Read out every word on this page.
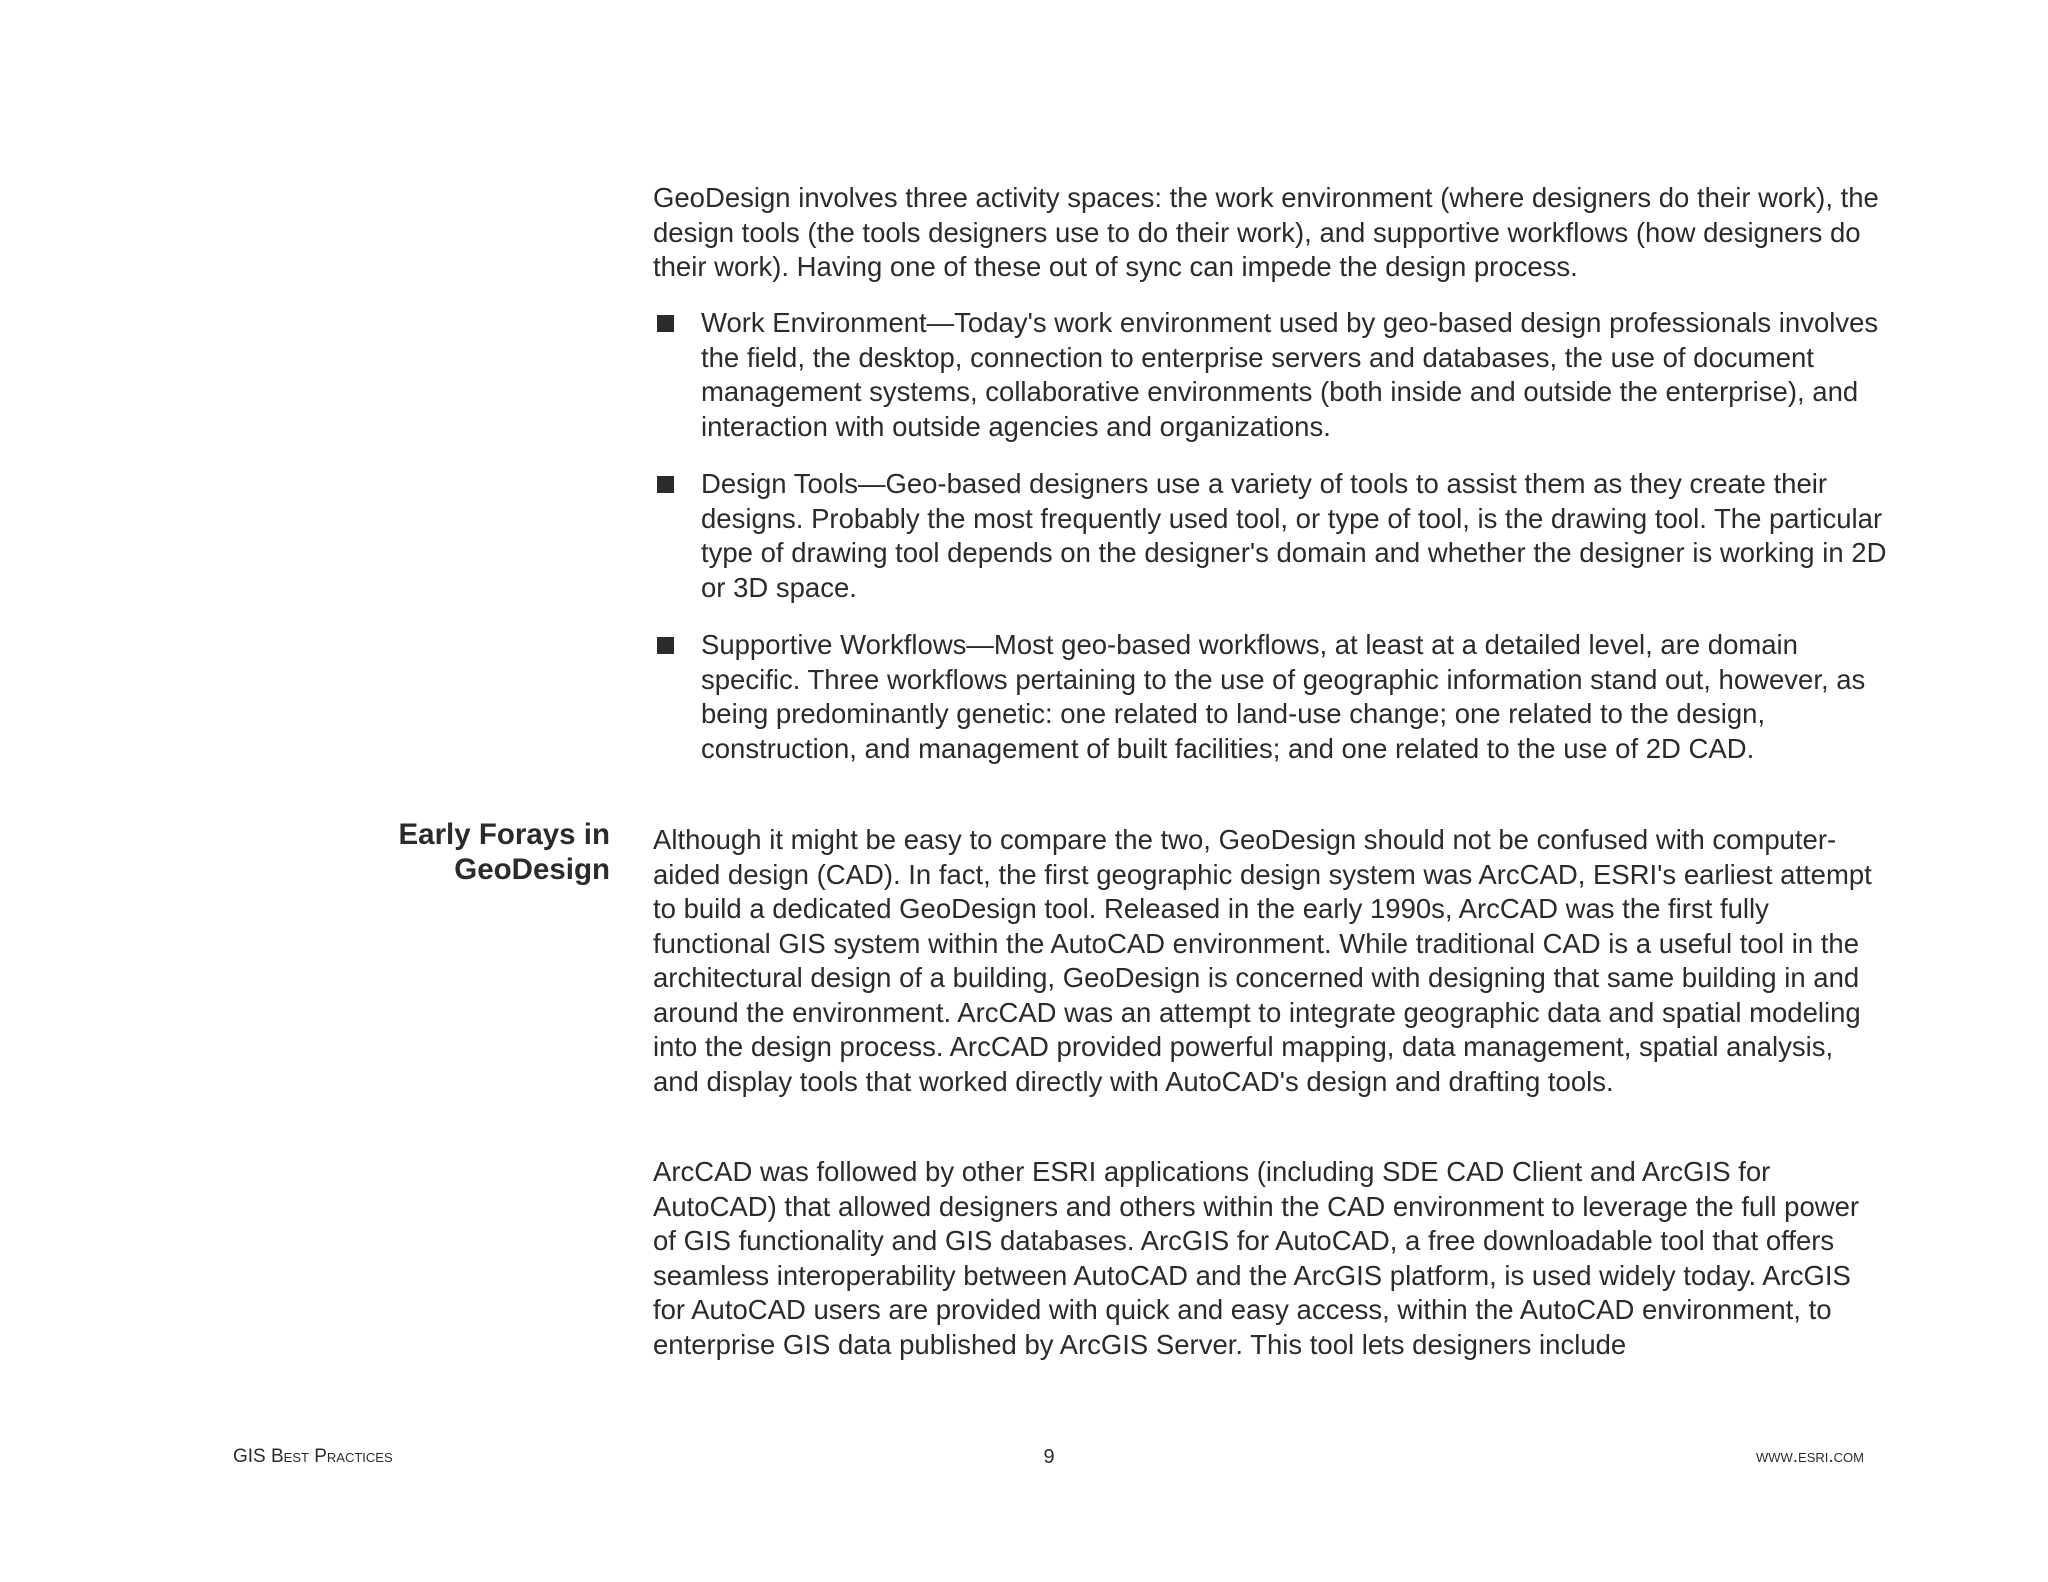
GeoDesign involves three activity spaces: the work environment (where designers do their work), the design tools (the tools designers use to do their work), and supportive workflows (how designers do their work). Having one of these out of sync can impede the design process.

Work Environment—Today's work environment used by geo-based design professionals involves the field, the desktop, connection to enterprise servers and databases, the use of document management systems, collaborative environments (both inside and outside the enterprise), and interaction with outside agencies and organizations.
Design Tools—Geo-based designers use a variety of tools to assist them as they create their designs. Probably the most frequently used tool, or type of tool, is the drawing tool. The particular type of drawing tool depends on the designer's domain and whether the designer is working in 2D or 3D space.
Supportive Workflows—Most geo-based workflows, at least at a detailed level, are domain specific. Three workflows pertaining to the use of geographic information stand out, however, as being predominantly genetic: one related to land-use change; one related to the design, construction, and management of built facilities; and one related to the use of 2D CAD.
Early Forays in GeoDesign

Although it might be easy to compare the two, GeoDesign should not be confused with computer-aided design (CAD). In fact, the first geographic design system was ArcCAD, ESRI's earliest attempt to build a dedicated GeoDesign tool. Released in the early 1990s, ArcCAD was the first fully functional GIS system within the AutoCAD environment. While traditional CAD is a useful tool in the architectural design of a building, GeoDesign is concerned with designing that same building in and around the environment. ArcCAD was an attempt to integrate geographic data and spatial modeling into the design process. ArcCAD provided powerful mapping, data management, spatial analysis, and display tools that worked directly with AutoCAD's design and drafting tools.

ArcCAD was followed by other ESRI applications (including SDE CAD Client and ArcGIS for AutoCAD) that allowed designers and others within the CAD environment to leverage the full power of GIS functionality and GIS databases. ArcGIS for AutoCAD, a free downloadable tool that offers seamless interoperability between AutoCAD and the ArcGIS platform, is used widely today. ArcGIS for AutoCAD users are provided with quick and easy access, within the AutoCAD environment, to enterprise GIS data published by ArcGIS Server. This tool lets designers include

GIS Best Practices	9	www.esri.com
